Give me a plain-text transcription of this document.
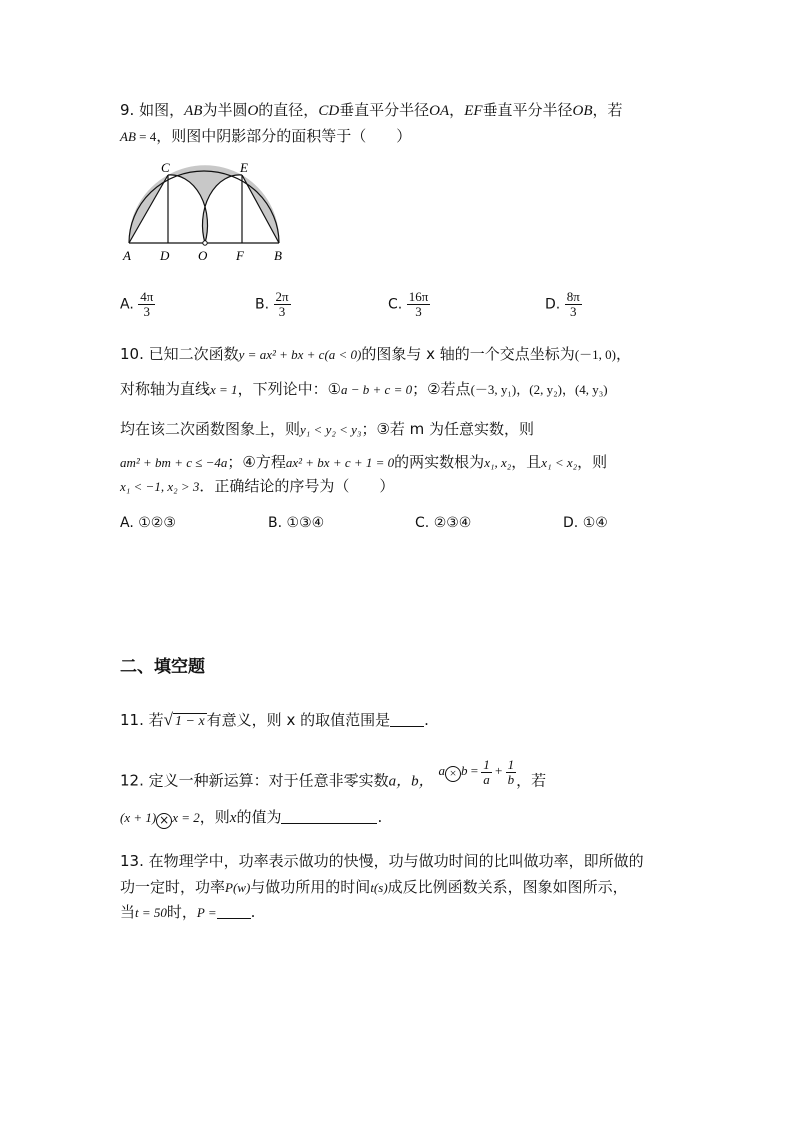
9. 如图，AB为半圆O的直径，CD垂直平分半径OA，EF垂直平分半径OB，若
AB = 4，则图中阴影部分的面积等于（　　）
C	E
A D O F B
A. $\frac{4\pi}{3}$	B. $\frac{2\pi}{3}$	C. $\frac{16\pi}{3}$	D. $\frac{8\pi}{3}$
10. 已知二次函数y = ax² + bx + c(a < 0)的图象与 x 轴的一个交点坐标为(－1, 0)，
对称轴为直线x = 1，下列论中：①a − b + c = 0；②若点(－3, y₁)，(2, y₂)，(4, y₃)
均在该二次函数图象上，则y₁ < y₂ < y₃；③若 m 为任意实数，则
am² + bm + c ≤ −4a；④方程ax² + bx + c + 1 = 0的两实数根为x₁, x₂，且x₁ < x₂，则
x₁ < −1, x₂ > 3．正确结论的序号为（　　）
A. ①②③	B. ①③④	C. ②③④	D. ①④
二、填空题
11. 若√ 1 − x 有意义，则 x 的取值范围是 .
12. 定义一种新运算：对于任意非零实数a，b， $a \times b = \frac{1}{a} + \frac{1}{b}$ ，若
(x + 1) × x = 2，则x的值为	.
13. 在物理学中，功率表示做功的快慢，功与做功时间的比叫做功率，即所做的
功一定时，功率P(w)与做功所用的时间t(s)成反比例函数关系，图象如图所示，
当t = 50时，P = .
